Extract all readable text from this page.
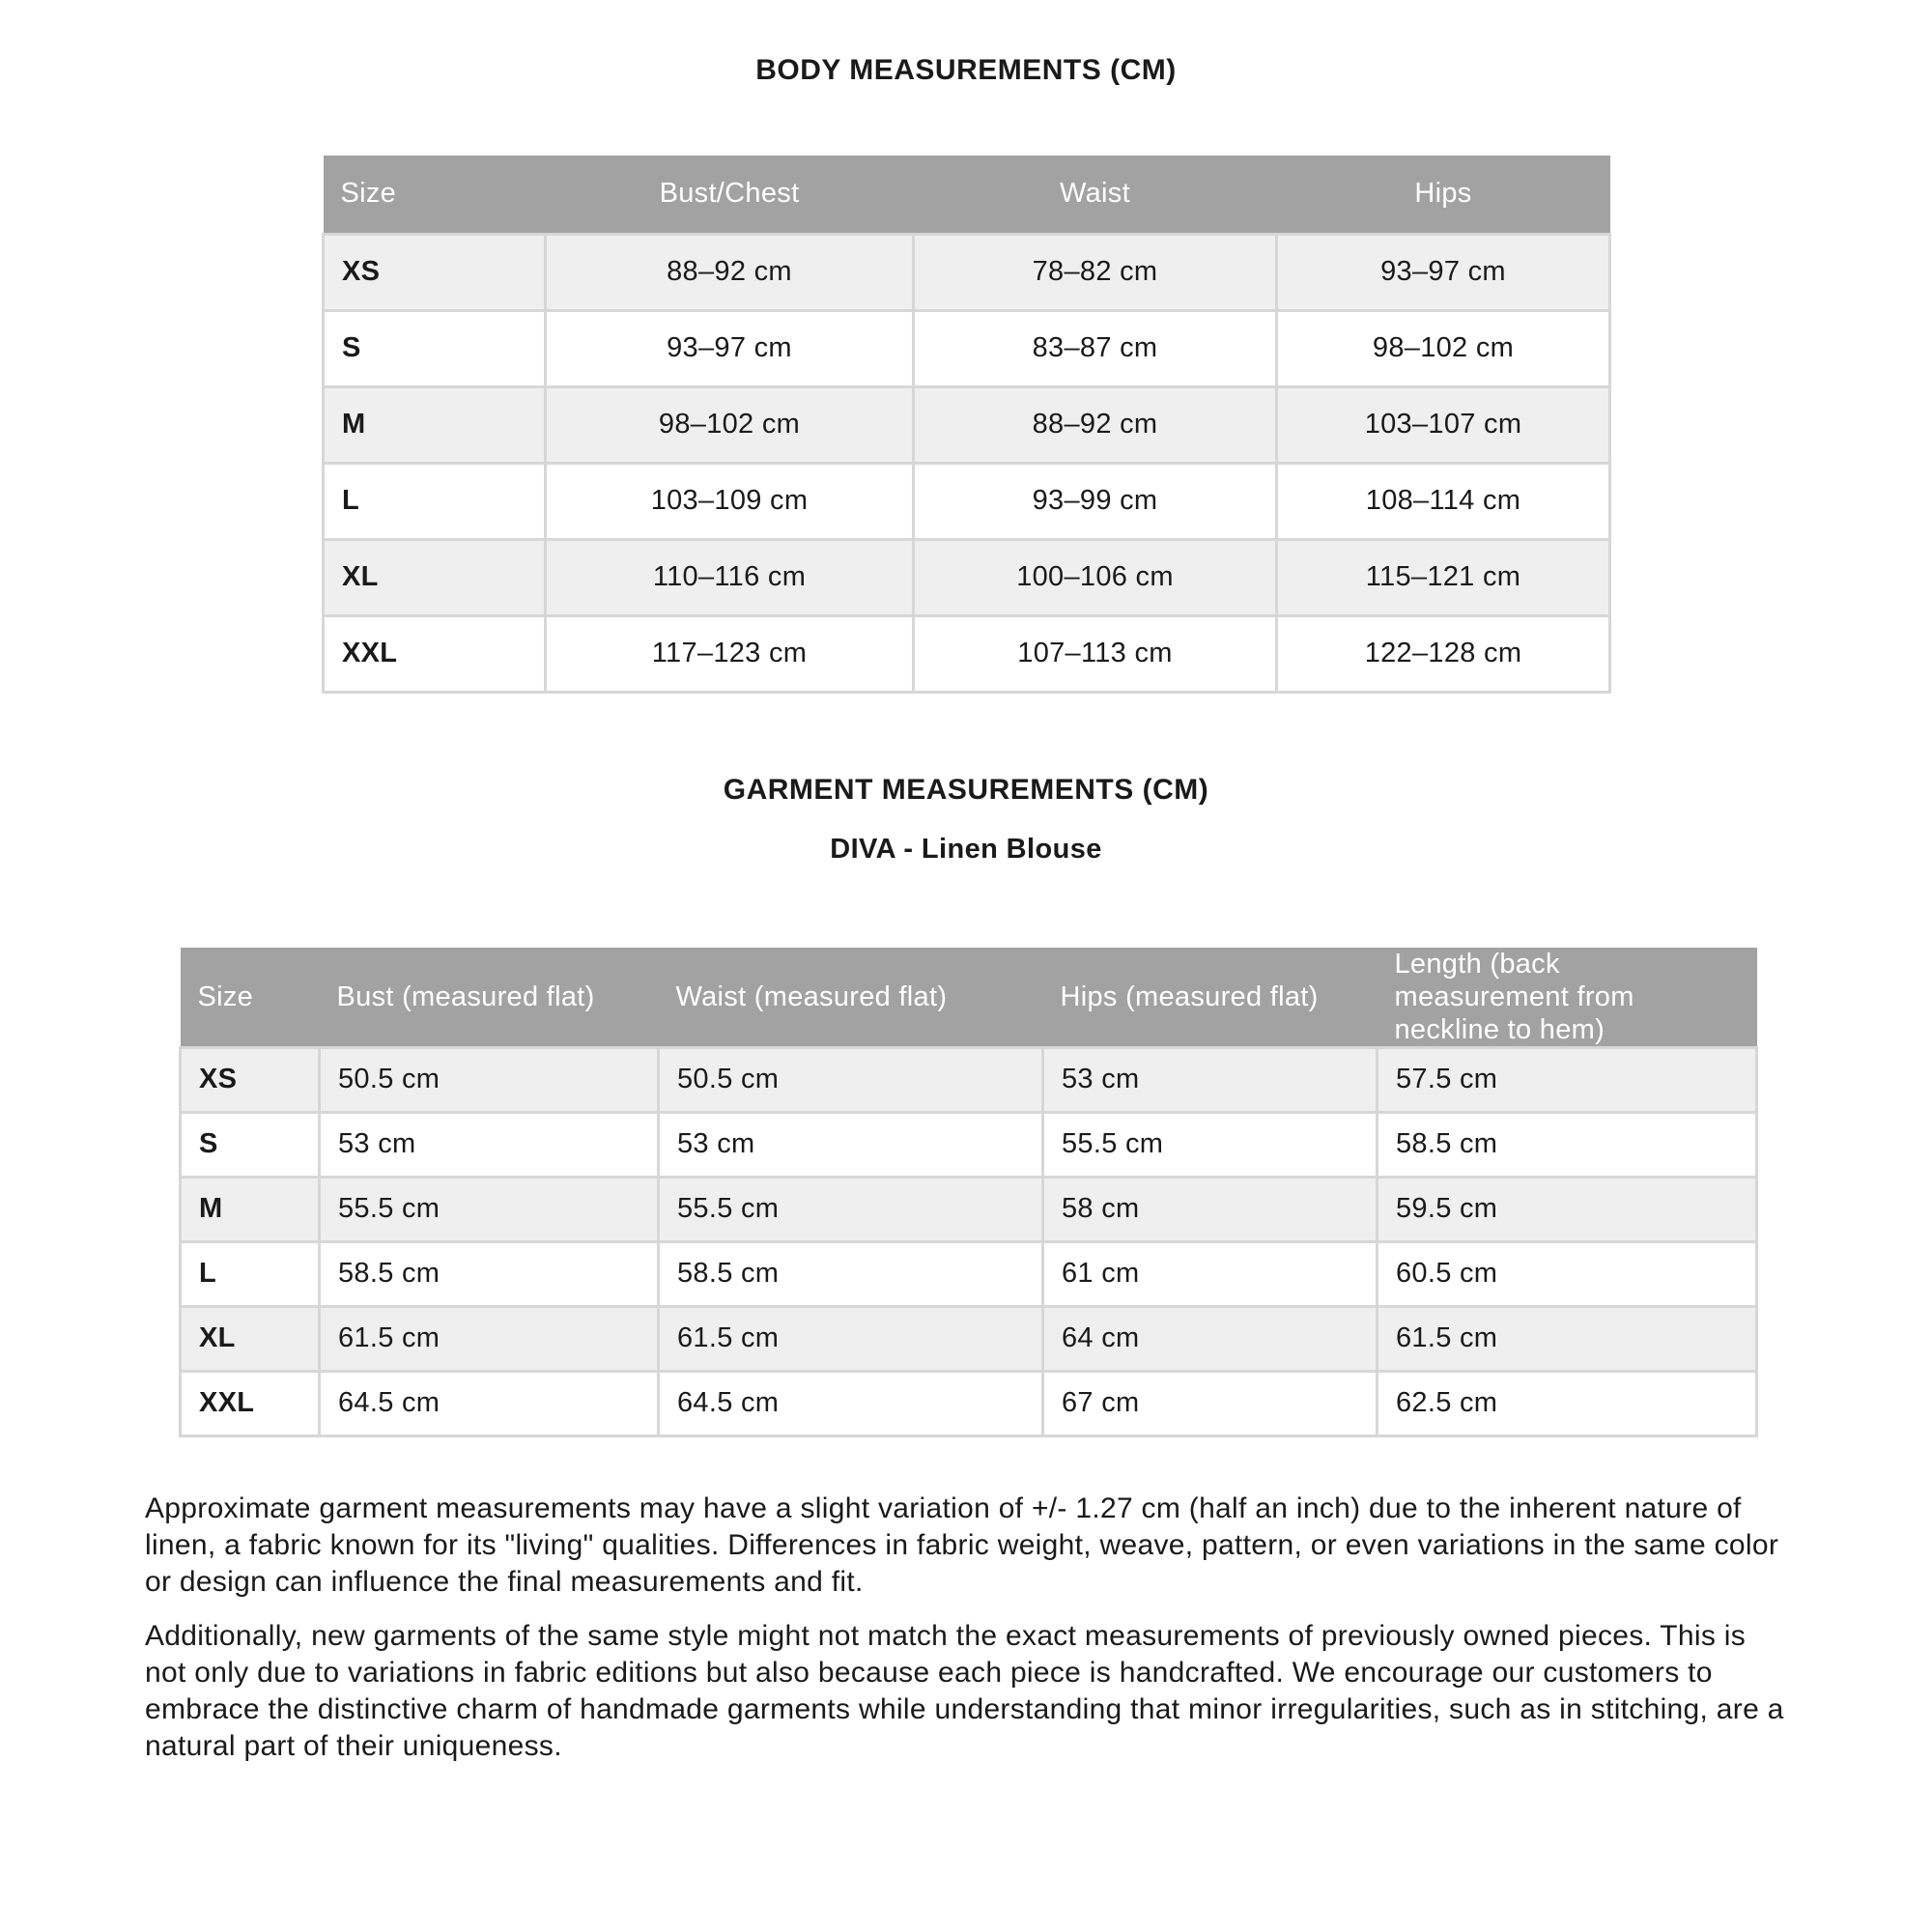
BODY MEASUREMENTS (CM)
Size	Bust/Chest	Waist	Hips
XS	88–92 cm	78–82 cm	93–97 cm
S	93–97 cm	83–87 cm	98–102 cm
M	98–102 cm	88–92 cm	103–107 cm
L	103–109 cm	93–99 cm	108–114 cm
XL	110–116 cm	100–106 cm	115–121 cm
XXL	117–123 cm	107–113 cm	122–128 cm
GARMENT MEASUREMENTS (CM)
DIVA - Linen Blouse
Size	Bust (measured flat)	Waist (measured flat)	Hips (measured flat)	Length (back measurement from neckline to hem)
XS	50.5 cm	50.5 cm	53 cm	57.5 cm
S	53 cm	53 cm	55.5 cm	58.5 cm
M	55.5 cm	55.5 cm	58 cm	59.5 cm
L	58.5 cm	58.5 cm	61 cm	60.5 cm
XL	61.5 cm	61.5 cm	64 cm	61.5 cm
XXL	64.5 cm	64.5 cm	67 cm	62.5 cm

Approximate garment measurements may have a slight variation of +/- 1.27 cm (half an inch) due to the inherent nature of linen, a fabric known for its "living" qualities. Differences in fabric weight, weave, pattern, or even variations in the same color or design can influence the final measurements and fit.

Additionally, new garments of the same style might not match the exact measurements of previously owned pieces. This is not only due to variations in fabric editions but also because each piece is handcrafted. We encourage our customers to embrace the distinctive charm of handmade garments while understanding that minor irregularities, such as in stitching, are a natural part of their uniqueness.
